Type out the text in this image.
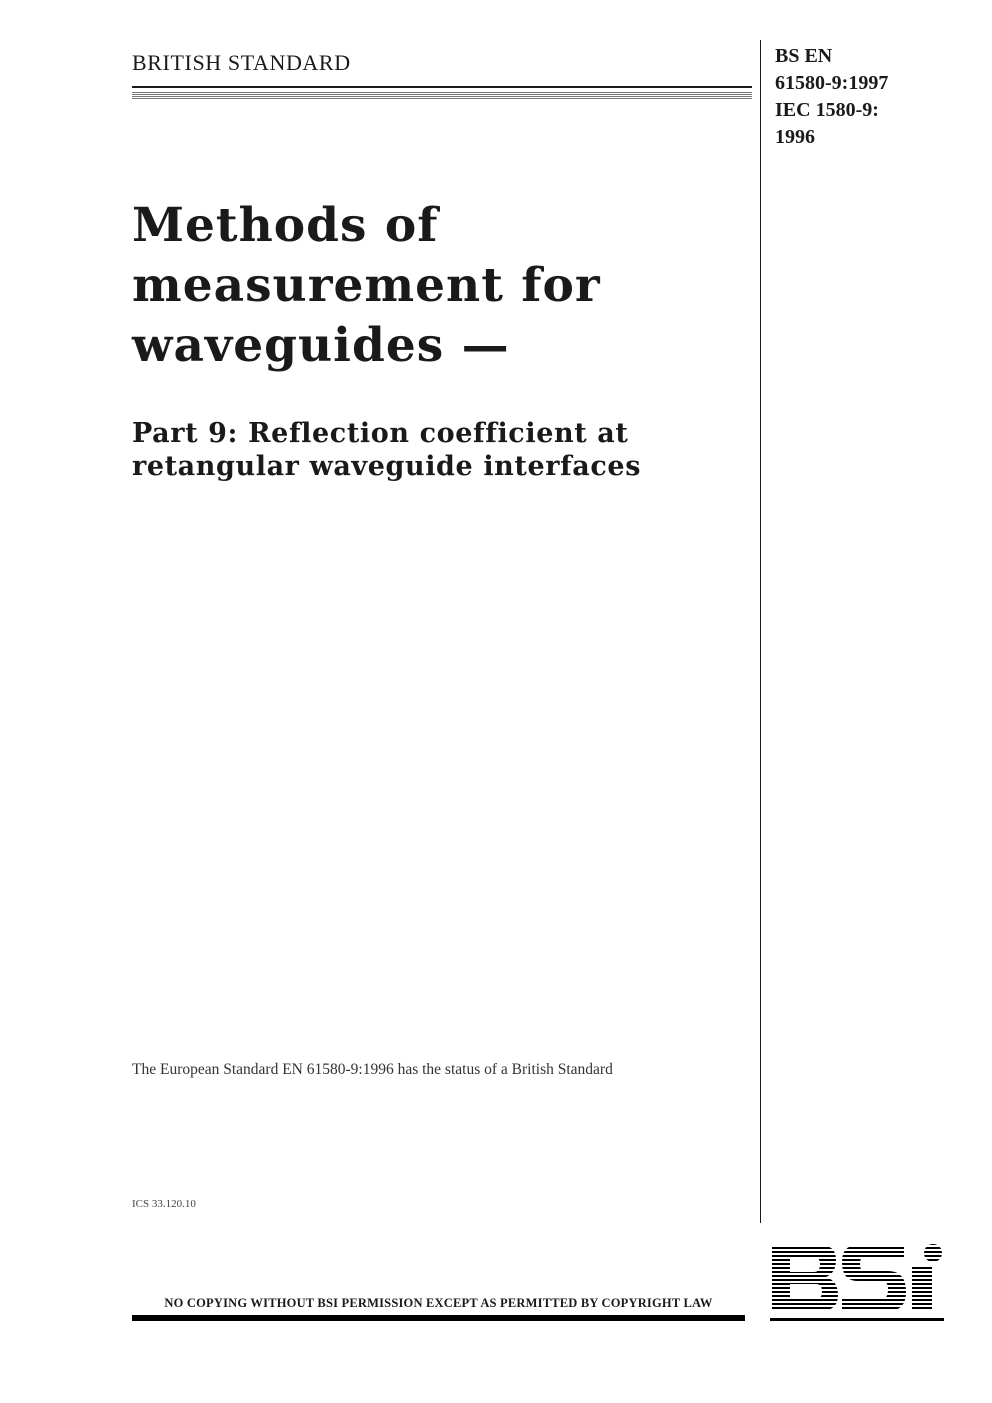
BRITISH STANDARD	BS EN
61580-9:1997
IEC 1580-9:
1996
Methods of
measurement for
waveguides —
Part 9: Reflection coefficient at
retangular waveguide interfaces
The European Standard EN 61580-9:1996 has the status of a British Standard
ICS 33.120.10
NO COPYING WITHOUT BSI PERMISSION EXCEPT AS PERMITTED BY COPYRIGHT LAW
